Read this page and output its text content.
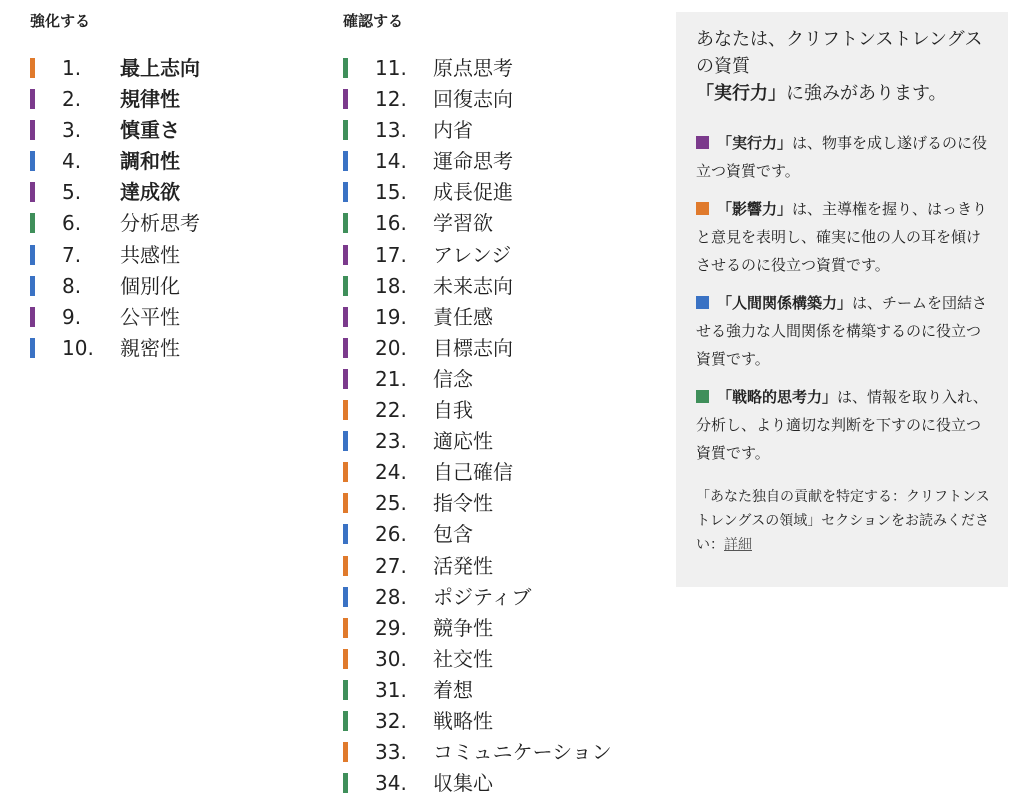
強化する
1. 最上志向
2. 規律性
3. 慎重さ
4. 調和性
5. 達成欲
6. 分析思考
7. 共感性
8. 個別化
9. 公平性
10. 親密性
確認する
11. 原点思考
12. 回復志向
13. 内省
14. 運命思考
15. 成長促進
16. 学習欲
17. アレンジ
18. 未来志向
19. 責任感
20. 目標志向
21. 信念
22. 自我
23. 適応性
24. 自己確信
25. 指令性
26. 包含
27. 活発性
28. ポジティブ
29. 競争性
30. 社交性
31. 着想
32. 戦略性
33. コミュニケーション
34. 収集心

あなたは、クリフトンストレングスの資質
「実行力」に強みがあります。

「実行力」は、物事を成し遂げるのに役立つ資質です。
「影響力」は、主導権を握り、はっきりと意見を表明し、確実に他の人の耳を傾けさせるのに役立つ資質です。
「人間関係構築力」は、チームを団結させる強力な人間関係を構築するのに役立つ資質です。
「戦略的思考力」は、情報を取り入れ、分析し、より適切な判断を下すのに役立つ資質です。
「あなた独自の貢献を特定する：クリフトンストレングスの領域」セクションをお読みください：詳細
